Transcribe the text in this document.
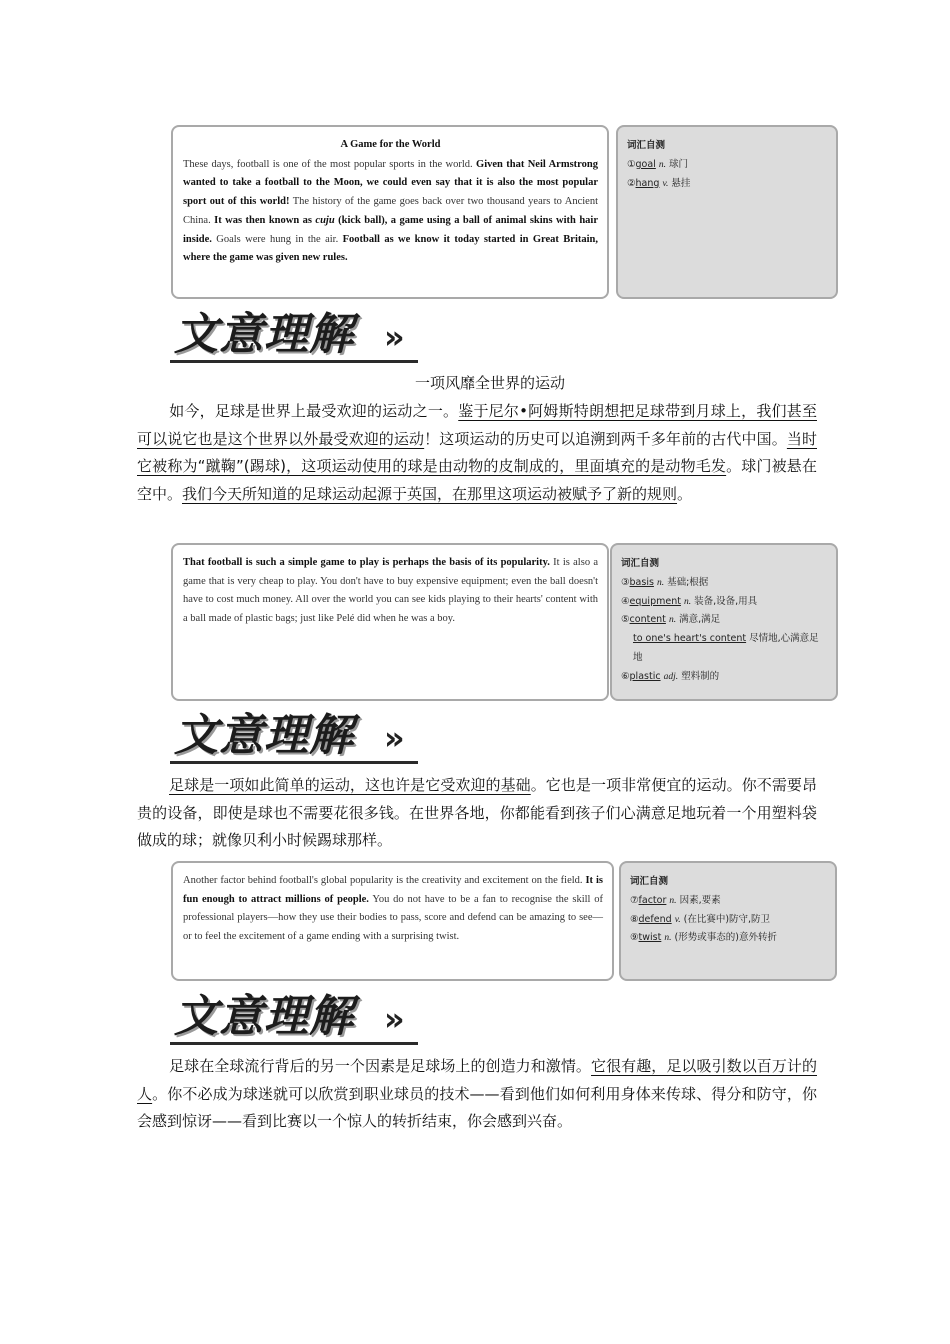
A Game for the World
These days, football is one of the most popular sports in the world. Given that Neil Armstrong wanted to take a football to the Moon, we could even say that it is also the most popular sport out of this world! The history of the game goes back over two thousand years to Ancient China. It was then known as cuju (kick ball), a game using a ball of animal skins with hair inside. Goals were hung in the air. Football as we know it today started in Great Britain, where the game was given new rules.
词汇自测
①goal n. 球门
②hang v. 悬挂
文意理解 »
一项风靡全世界的运动
如今，足球是世界上最受欢迎的运动之一。鉴于尼尔•阿姆斯特朗想把足球带到月球上，我们甚至可以说它也是这个世界以外最受欢迎的运动！这项运动的历史可以追溯到两千多年前的古代中国。当时它被称为“蹴鞠”(踢球)，这项运动使用的球是由动物的皮制成的，里面填充的是动物毛发。球门被悬在空中。我们今天所知道的足球运动起源于英国，在那里这项运动被赋予了新的规则。
That football is such a simple game to play is perhaps the basis of its popularity. It is also a game that is very cheap to play. You don't have to buy expensive equipment; even the ball doesn't have to cost much money. All over the world you can see kids playing to their hearts' content with a ball made of plastic bags; just like Pelé did when he was a boy.
词汇自测
③basis n. 基础;根据
④equipment n. 装备,设备,用具
⑤content n. 满意,满足
to one's heart's content 尽情地,心满意足地
⑥plastic adj. 塑料制的
文意理解 »
足球是一项如此简单的运动，这也许是它受欢迎的基础。它也是一项非常便宜的运动。你不需要昂贵的设备，即使是球也不需要花很多钱。在世界各地，你都能看到孩子们心满意足地玩着一个用塑料袋做成的球；就像贝利小时候踢球那样。
Another factor behind football's global popularity is the creativity and excitement on the field. It is fun enough to attract millions of people. You do not have to be a fan to recognise the skill of professional players—how they use their bodies to pass, score and defend can be amazing to see—or to feel the excitement of a game ending with a surprising twist.
词汇自测
⑦factor n. 因素,要素
⑧defend v. (在比赛中)防守,防卫
⑨twist n. (形势或事态的)意外转折
文意理解 »
足球在全球流行背后的另一个因素是足球场上的创造力和激情。它很有趣，足以吸引数以百万计的人。你不必成为球迷就可以欣赏到职业球员的技术——看到他们如何利用身体来传球、得分和防守，你会感到惊讶——看到比赛以一个惊人的转折结束，你会感到兴奋。
